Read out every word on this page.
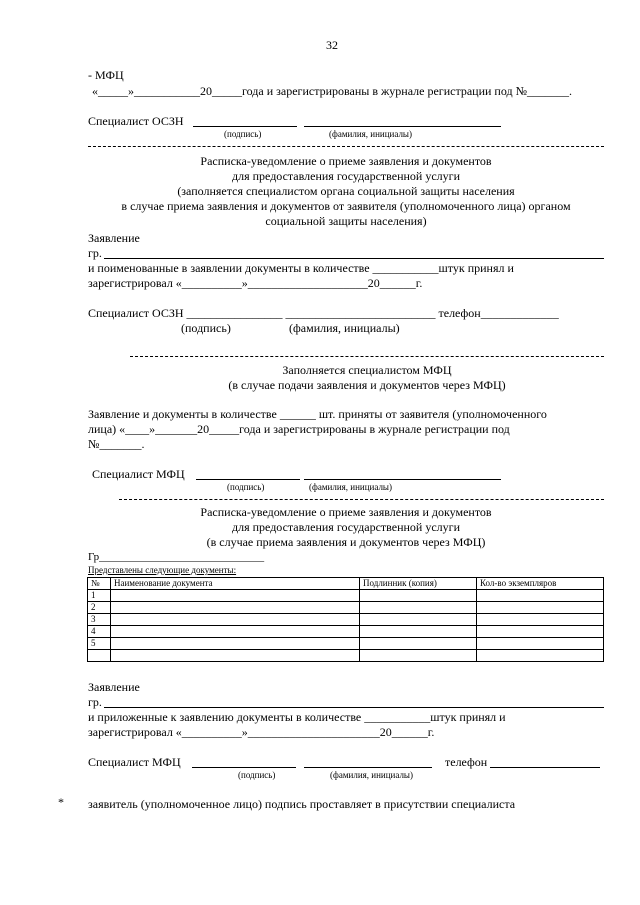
32
- МФЦ
«_____»___________20_____года и зарегистрированы в журнале регистрации под №_______.
Специалист ОСЗН
(подпись)	(фамилия, инициалы)
Расписка-уведомление о приеме заявления и документов
для предоставления государственной услуги
(заполняется специалистом органа социальной защиты населения
в случае приема заявления и документов от заявителя (уполномоченного лица) органом
социальной защиты населения)
Заявление
гр.
и поименованные в заявлении документы в количестве ___________штук принял и
зарегистрировал «__________»____________________20______г.
Специалист ОСЗН ________________ _________________________ телефон_____________
(подпись)	(фамилия, инициалы)
Заполняется специалистом МФЦ
(в случае подачи заявления и документов через МФЦ)
Заявление и документы в количестве ______ шт. приняты от заявителя (уполномоченного
лица) «____»_______20_____года и зарегистрированы в журнале регистрации под
№_______.
Специалист МФЦ
(подпись)	(фамилия, инициалы)
Расписка-уведомление о приеме заявления и документов
для предоставления государственной услуги
(в случае приема заявления и документов через МФЦ)
Гр______________________________
Представлены следующие документы:
№	Наименование документа	Подлинник (копия)	Кол-во экземпляров
1			
2			
3			
4			
5			

Заявление
гр.
и приложенные к заявлению документы в количестве ___________штук принял и
зарегистрировал «__________»______________________20______г.
Специалист МФЦ	телефон
(подпись)	(фамилия, инициалы)
* заявитель (уполномоченное лицо) подпись проставляет в присутствии специалиста
